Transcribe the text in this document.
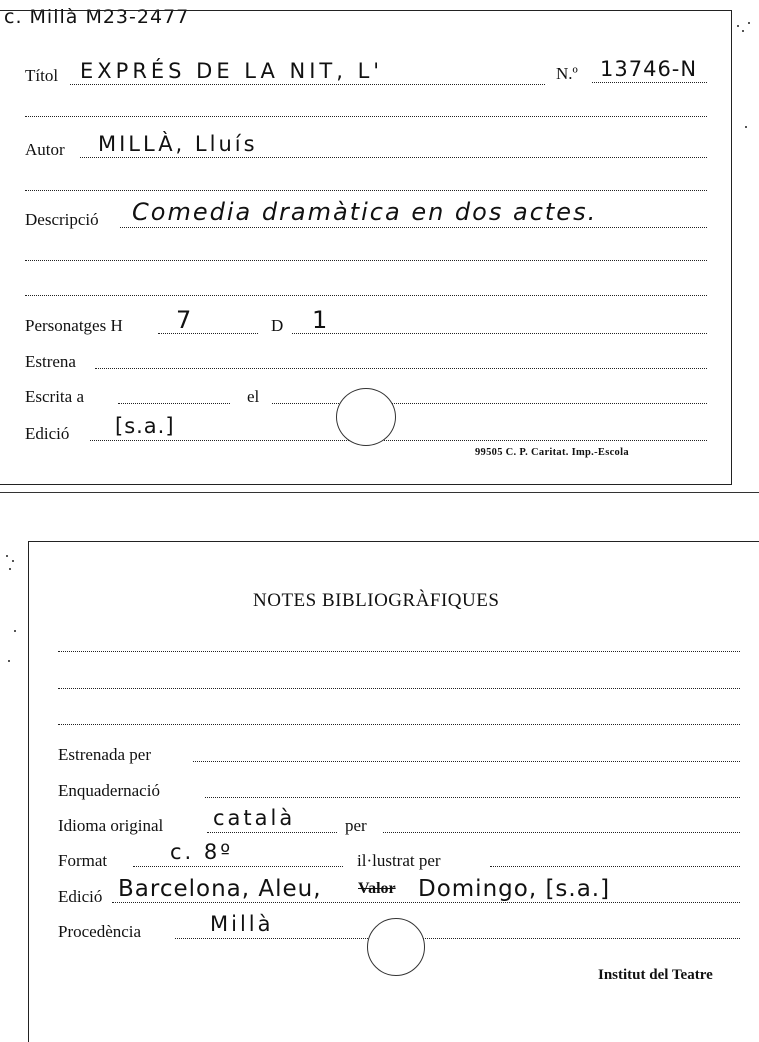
c. Millà M23-2477
Títol EXPRÉS DE LA NIT, L'	N.º 13746-N
Autor MILLÀ, Lluís
Descripció Comedia dramàtica en dos actes.
Personatges H 7	D 1
Estrena
Escrita a	el
Edició [s.a.]
99505 C. P. Caritat. Imp.-Escola
NOTES BIBLIOGRÀFIQUES
Estrenada per
Enquadernació
Idioma original català	per
Format	c. 8º	il·lustrat per
Edició Barcelona, Aleu, Valor Domingo, [s.a.]
Procedència	Millà
Institut del Teatre
